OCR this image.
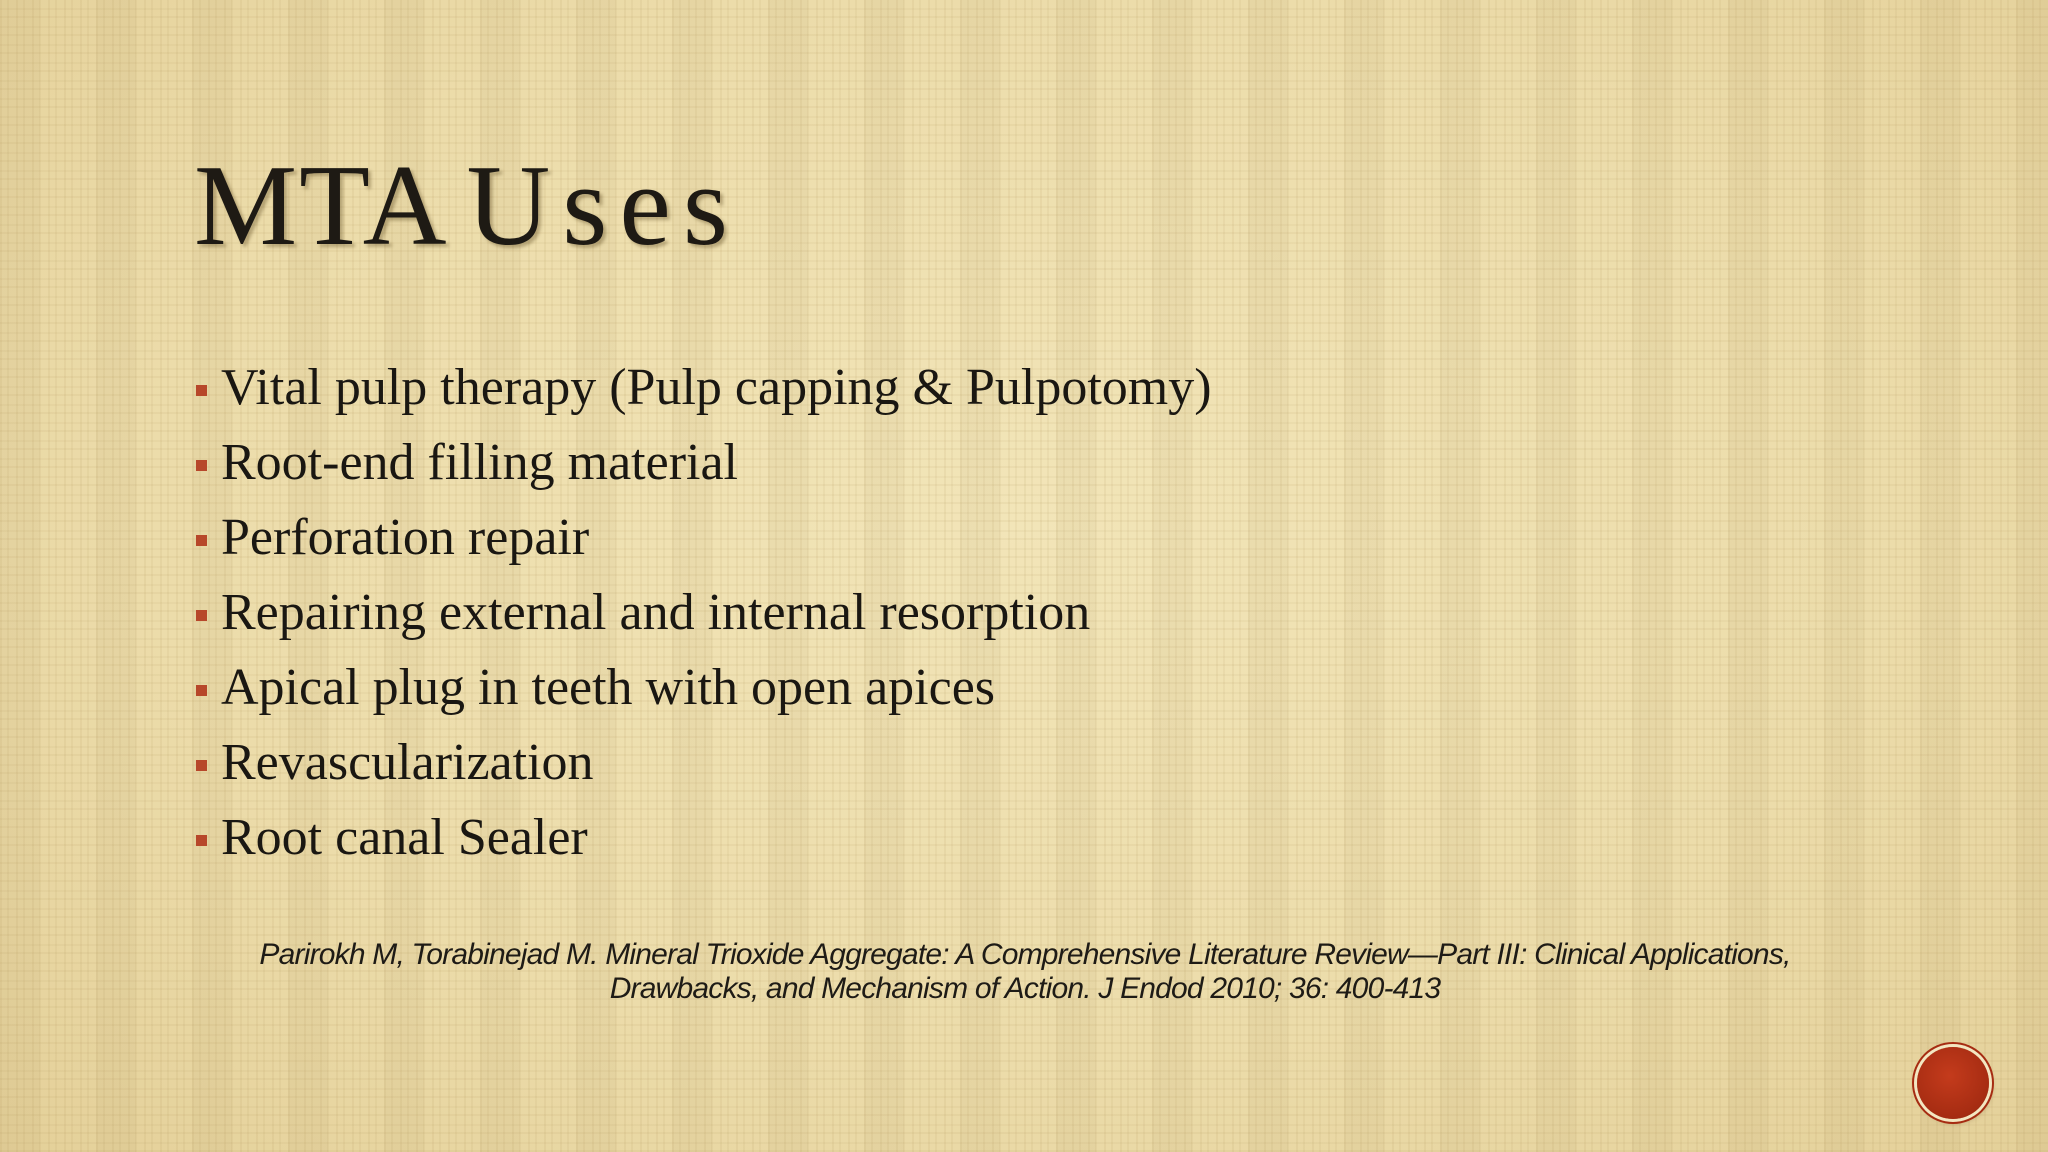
MTA Uses
Vital pulp therapy (Pulp capping & Pulpotomy)
Root-end filling material
Perforation repair
Repairing external and internal resorption
Apical plug in teeth with open apices
Revascularization
Root canal Sealer

Parirokh M, Torabinejad M. Mineral Trioxide Aggregate: A Comprehensive Literature Review—Part III: Clinical Applications,
Drawbacks, and Mechanism of Action. J Endod 2010; 36: 400-413
